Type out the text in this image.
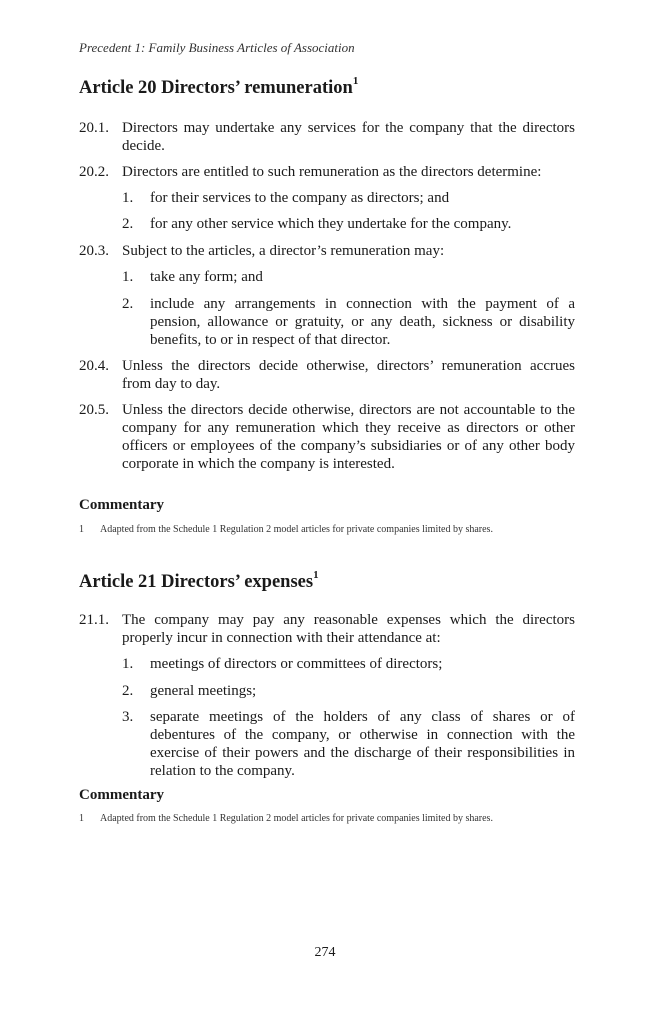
Precedent 1: Family Business Articles of Association
Article 20 Directors’ remuneration$^1$
20.1. Directors may undertake any services for the company that the directors decide.
20.2. Directors are entitled to such remuneration as the directors determine:
1. for their services to the company as directors; and
2. for any other service which they undertake for the company.
20.3. Subject to the articles, a director’s remuneration may:
1. take any form; and
2. include any arrangements in connection with the payment of a pension, allowance or gratuity, or any death, sickness or disability benefits, to or in respect of that director.
20.4. Unless the directors decide otherwise, directors’ remuneration accrues from day to day.
20.5. Unless the directors decide otherwise, directors are not accountable to the company for any remuneration which they receive as directors or other officers or employees of the company’s subsidiaries or of any other body corporate in which the company is interested.
Commentary
1 Adapted from the Schedule 1 Regulation 2 model articles for private companies limited by shares.
Article 21 Directors’ expenses$^1$
21.1. The company may pay any reasonable expenses which the directors properly incur in connection with their attendance at:
1. meetings of directors or committees of directors;
2. general meetings;
3. separate meetings of the holders of any class of shares or of debentures of the company, or otherwise in connection with the exercise of their powers and the discharge of their responsibilities in relation to the company.
Commentary
1 Adapted from the Schedule 1 Regulation 2 model articles for private companies limited by shares.
274
